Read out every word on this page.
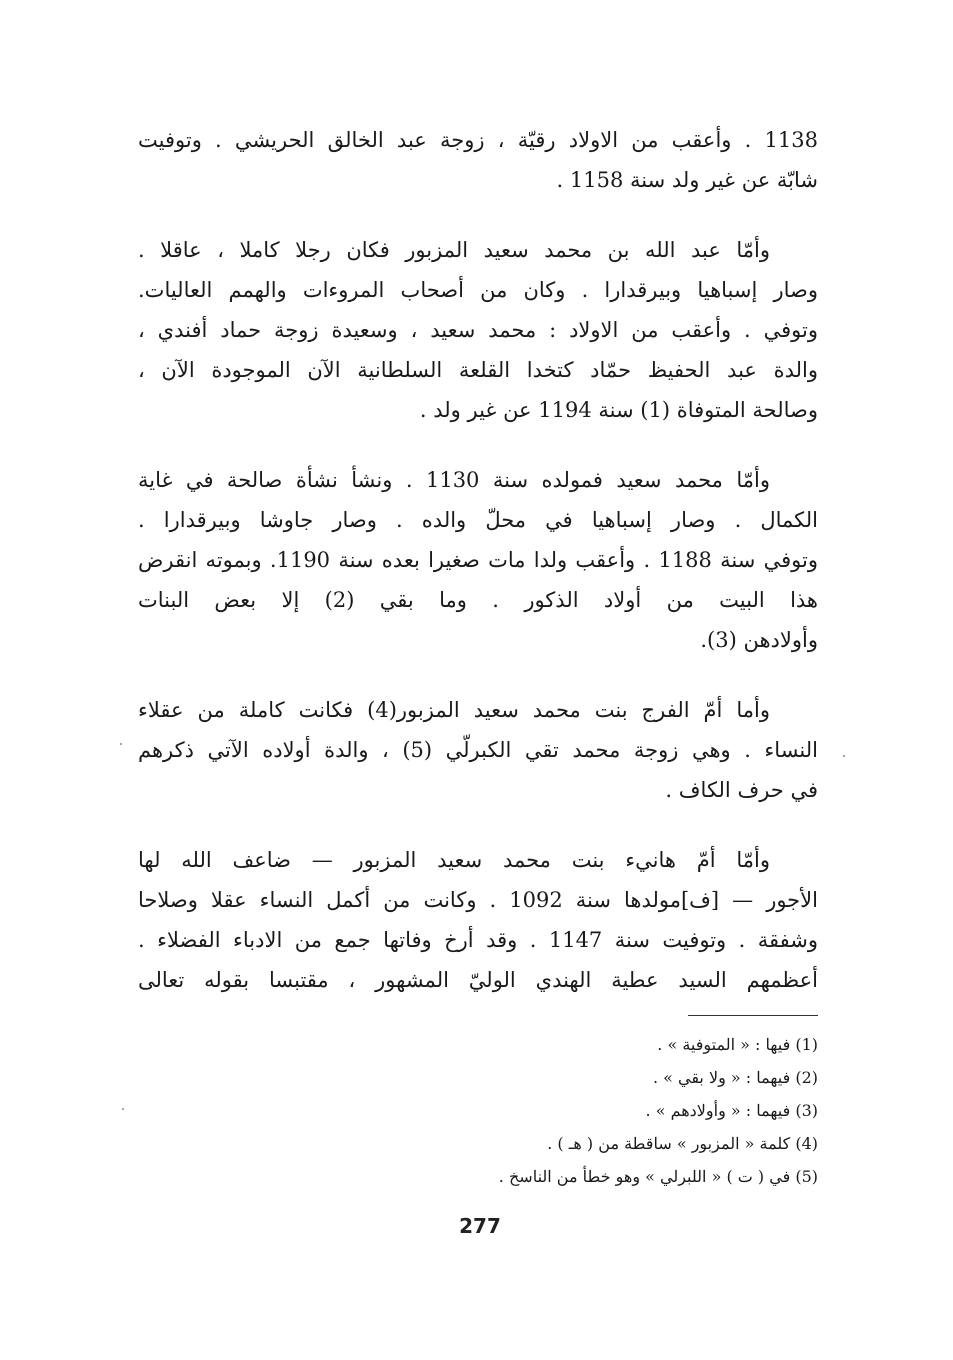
1138 . وأعقب من الاولاد رقيّة ، زوجة عبد الخالق الحريشي . وتوفيت
شابّة عن غير ولد سنة 1158 .
وأمّا عبد الله بن محمد سعيد المزبور فكان رجلا كاملا ، عاقلا .
وصار إسباهيا وبيرقدارا . وكان من أصحاب المروءات والهمم العاليات.
وتوفي . وأعقب من الاولاد : محمد سعيد ، وسعيدة زوجة حماد أفندي ،
والدة عبد الحفيظ حمّاد كتخدا القلعة السلطانية الآن الموجودة الآن ،
وصالحة المتوفاة (1) سنة 1194 عن غير ولد .
وأمّا محمد سعيد فمولده سنة 1130 . ونشأ نشأة صالحة في غاية
الكمال . وصار إسباهيا في محلّ والده . وصار جاوشا وبيرقدارا .
وتوفي سنة 1188 . وأعقب ولدا مات صغيرا بعده سنة 1190. وبموته انقرض
هذا البيت من أولاد الذكور . وما بقي (2) إلا بعض البنات
وأولادهن (3).
وأما أمّ الفرج بنت محمد سعيد المزبور(4) فكانت كاملة من عقلاء
النساء . وهي زوجة محمد تقي الكبرلّي (5) ، والدة أولاده الآتي ذكرهم
في حرف الكاف .
وأمّا أمّ هانيء بنت محمد سعيد المزبور — ضاعف الله لها
الأجور — [ف]مولدها سنة 1092 . وكانت من أكمل النساء عقلا وصلاحا
وشفقة . وتوفيت سنة 1147 . وقد أرخ وفاتها جمع من الادباء الفضلاء .
أعظمهم السيد عطية الهندي الوليّ المشهور ، مقتبسا بقوله تعالى
(1) فيها : « المتوفية » .
(2) فيهما : « ولا بقي » .
(3) فيهما : « وأولادهم » .
(4) كلمة « المزبور » ساقطة من ( هـ ) .
(5) في ( ت ) « اللبرلي » وهو خطأ من الناسخ .
277
